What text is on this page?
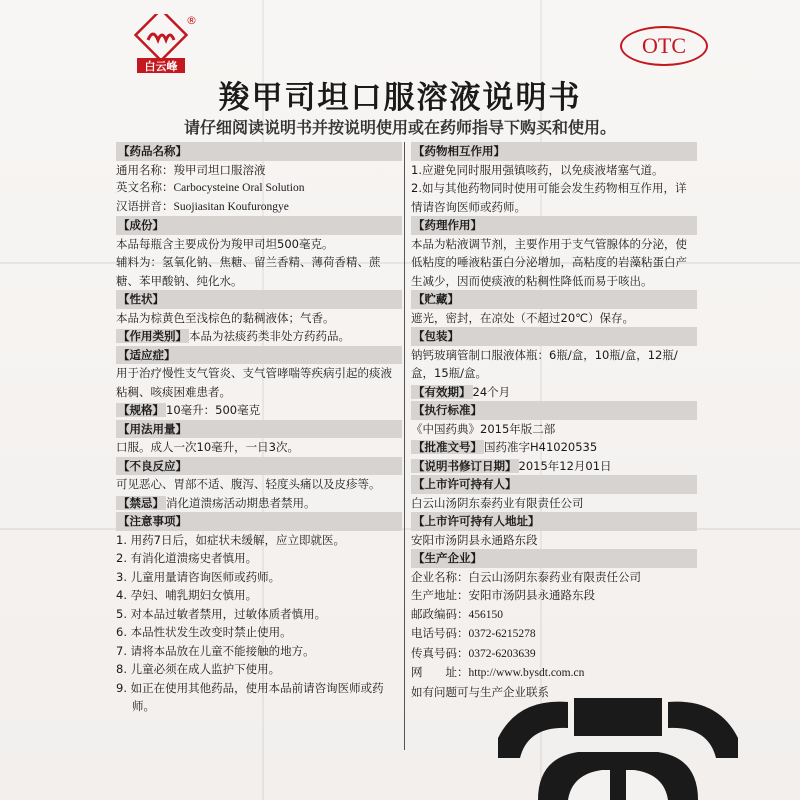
白云峰
®
OTC
羧甲司坦口服溶液说明书
请仔细阅读说明书并按说明使用或在药师指导下购买和使用。
【药品名称】
通用名称：羧甲司坦口服溶液
英文名称：Carbocysteine Oral Solution
汉语拼音：Suojiasitan Koufurongye
【成份】
本品每瓶含主要成份为羧甲司坦500毫克。
辅料为：氢氧化钠、焦糖、留兰香精、薄荷香精、蔗糖、苯甲酸钠、纯化水。
【性状】
本品为棕黄色至浅棕色的黏稠液体；气香。
【作用类别】 本品为祛痰药类非处方药药品。
【适应症】
用于治疗慢性支气管炎、支气管哮喘等疾病引起的痰液粘稠、咳痰困难患者。
【规格】 10毫升：500毫克
【用法用量】
口服。成人一次10毫升，一日3次。
【不良反应】
可见恶心、胃部不适、腹泻、轻度头痛以及皮疹等。
【禁忌】 消化道溃疡活动期患者禁用。
【注意事项】
1. 用药7日后，如症状未缓解，应立即就医。
2. 有消化道溃疡史者慎用。
3. 儿童用量请咨询医师或药师。
4. 孕妇、哺乳期妇女慎用。
5. 对本品过敏者禁用，过敏体质者慎用。
6. 本品性状发生改变时禁止使用。
7. 请将本品放在儿童不能接触的地方。
8. 儿童必须在成人监护下使用。
9. 如正在使用其他药品，使用本品前请咨询医师或药师。
【药物相互作用】
1.应避免同时服用强镇咳药，以免痰液堵塞气道。
2.如与其他药物同时使用可能会发生药物相互作用，详情请咨询医师或药师。
【药理作用】
本品为粘液调节剂，主要作用于支气管腺体的分泌，使低粘度的唾液粘蛋白分泌增加，高粘度的岩藻粘蛋白产生减少，因而使痰液的粘稠性降低而易于咳出。
【贮藏】
遮光，密封，在凉处（不超过20℃）保存。
【包装】
钠钙玻璃管制口服液体瓶：6瓶/盒，10瓶/盒，12瓶/盒，15瓶/盒。
【有效期】 24个月
【执行标准】
《中国药典》2015年版二部
【批准文号】 国药准字H41020535
【说明书修订日期】 2015年12月01日
【上市许可持有人】
白云山汤阴东泰药业有限责任公司
【上市许可持有人地址】
安阳市汤阴县永通路东段
【生产企业】
企业名称：白云山汤阴东泰药业有限责任公司
生产地址：安阳市汤阴县永通路东段
邮政编码：456150
电话号码：0372-6215278
传真号码：0372-6203639
网　　址：http://www.bysdt.com.cn
如有问题可与生产企业联系
